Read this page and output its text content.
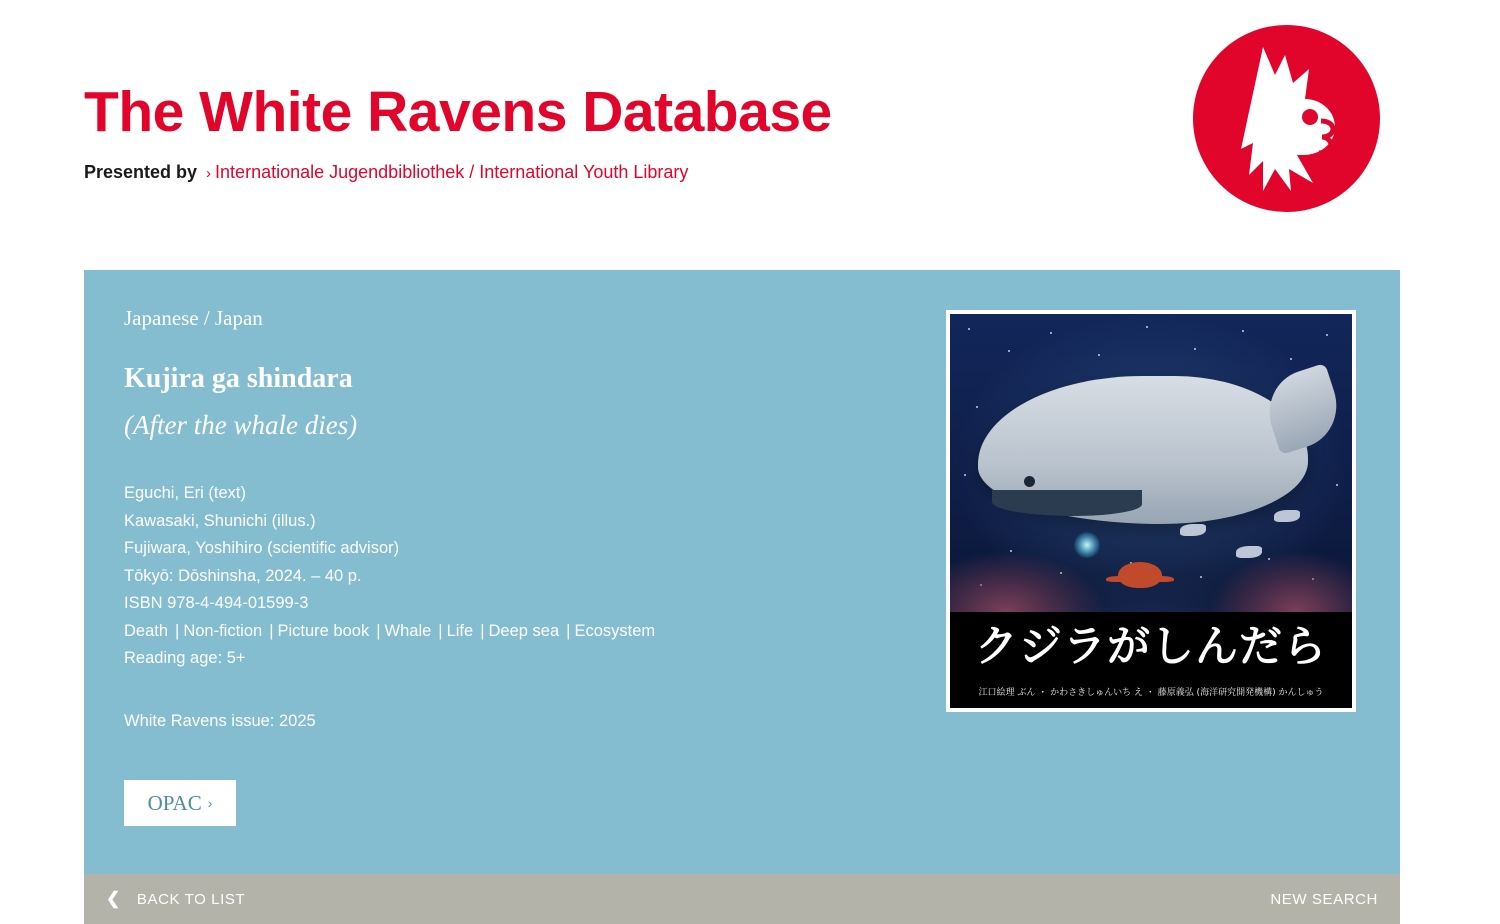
The White Ravens Database
Presented by › Internationale Jugendbibliothek / International Youth Library
Japanese / Japan
Kujira ga shindara
(After the whale dies)
Eguchi, Eri (text)
Kawasaki, Shunichi (illus.)
Fujiwara, Yoshihiro (scientific advisor)
Tōkyō: Dōshinsha, 2024. – 40 p.
ISBN 978-4-494-01599-3
Death | Non-fiction | Picture book | Whale | Life | Deep sea | Ecosystem
Reading age: 5+
White Ravens issue: 2025
OPAC ›
クジラがしんだら
江口絵理 ぶん ・ かわさきしゅんいち え ・ 藤原義弘 (海洋研究開発機構) かんしゅう
❮ BACK TO LIST	NEW SEARCH
